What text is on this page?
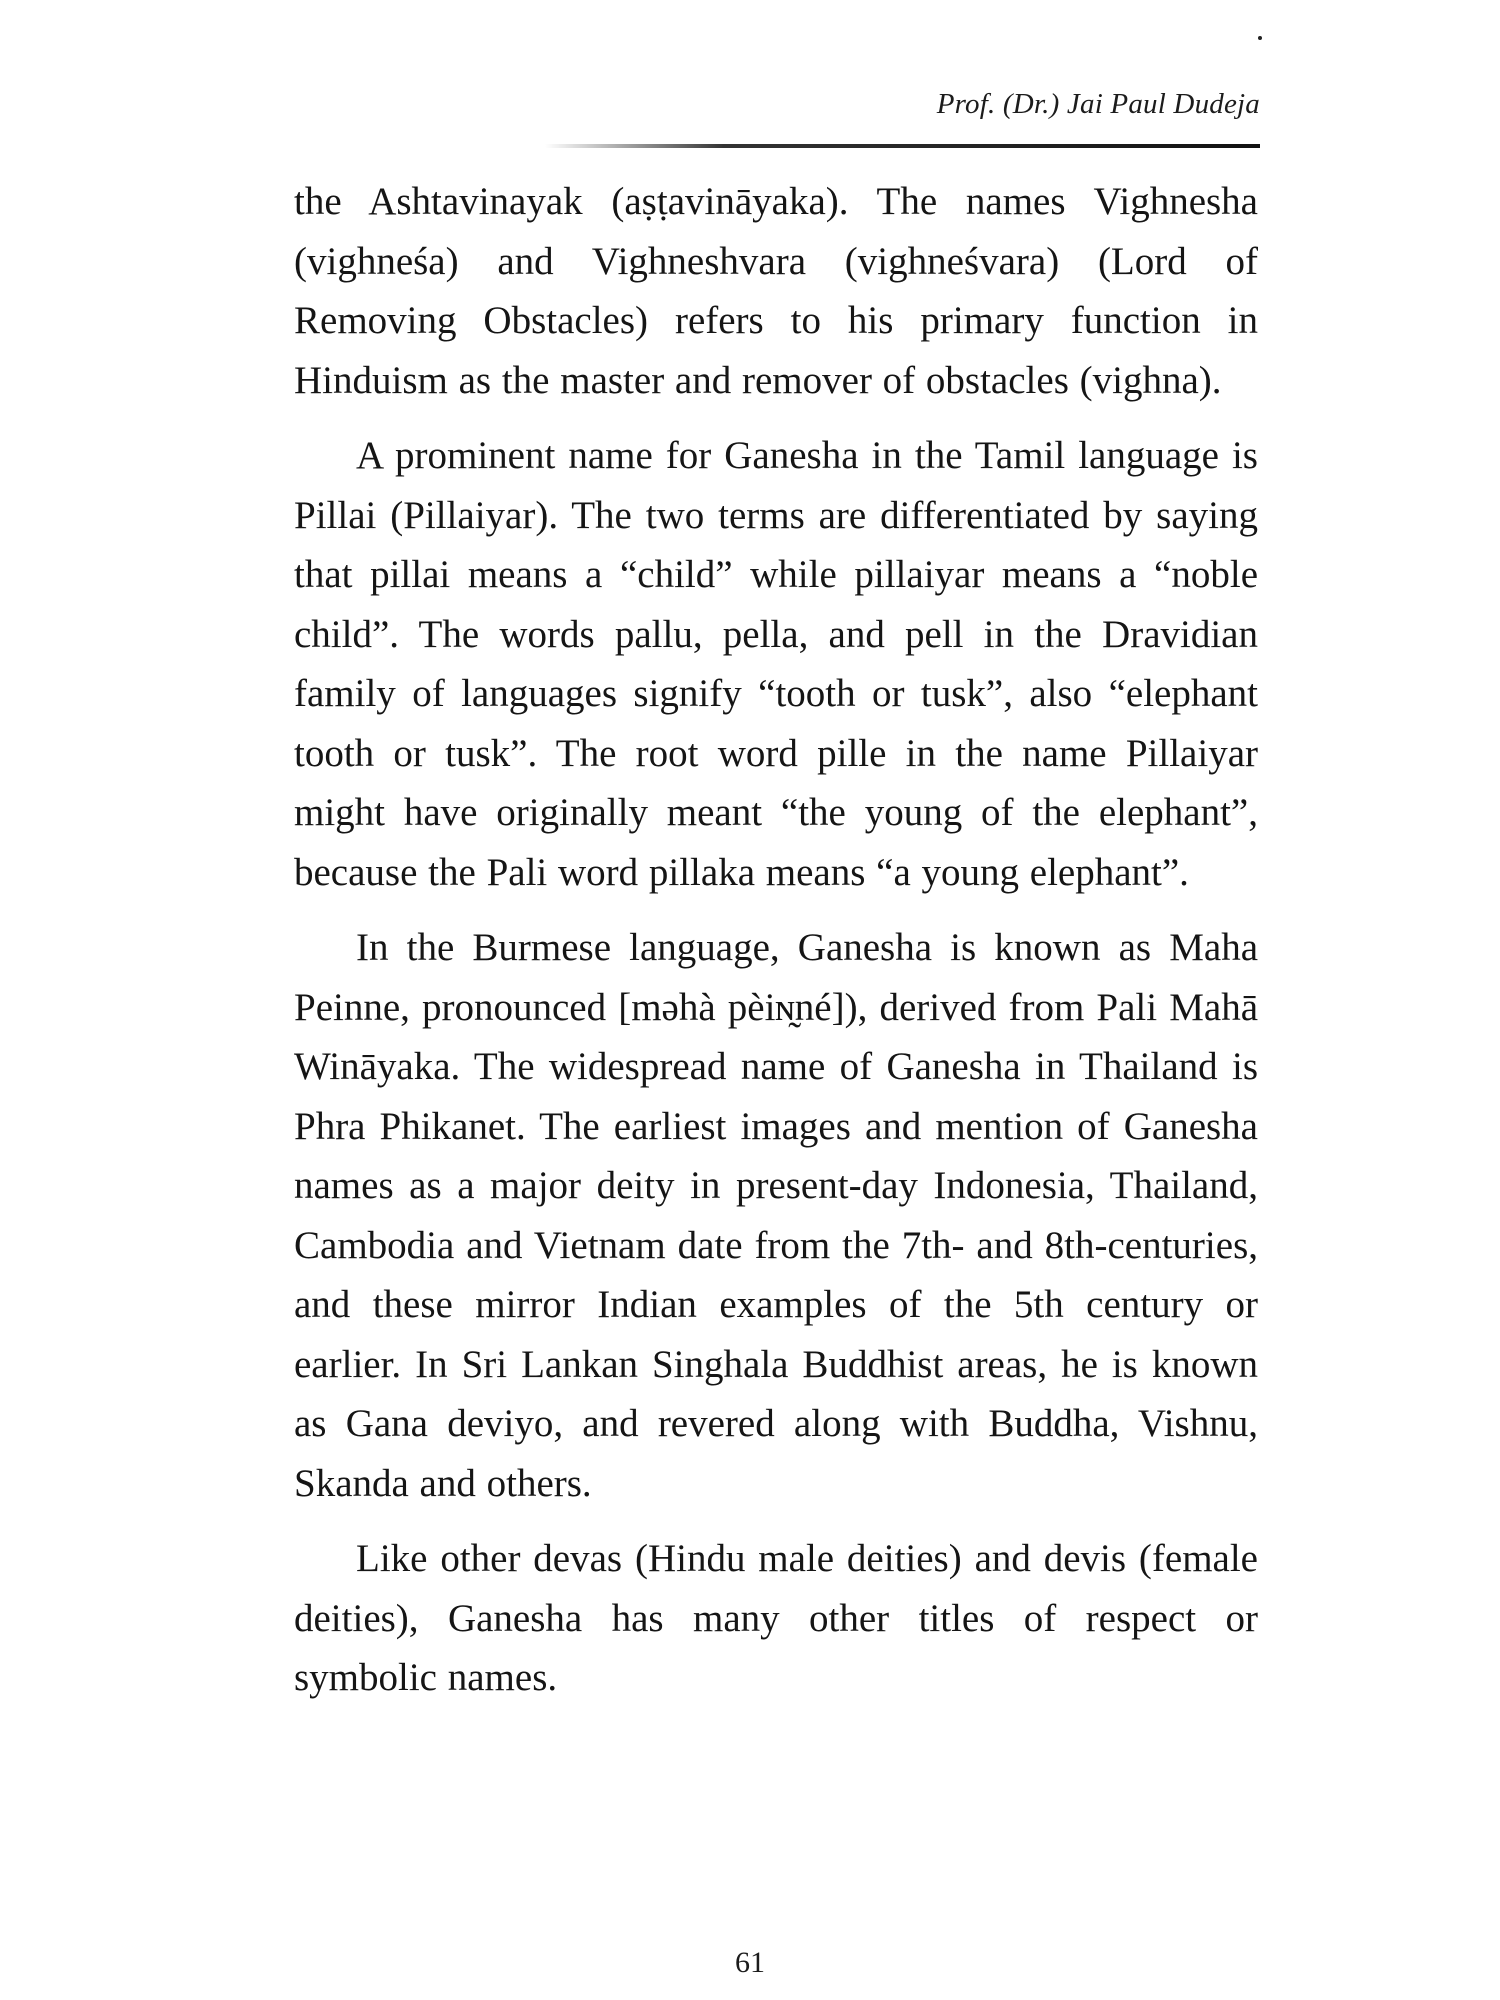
Prof. (Dr.) Jai Paul Dudeja

the Ashtavinayak (aṣṭavināyaka). The names Vighnesha (vighneśa) and Vighneshvara (vighneśvara) (Lord of Removing Obstacles) refers to his primary function in Hinduism as the master and remover of obstacles (vighna).

A prominent name for Ganesha in the Tamil language is Pillai (Pillaiyar). The two terms are differentiated by saying that pillai means a “child” while pillaiyar means a “noble child”. The words pallu, pella, and pell in the Dravidian family of languages signify “tooth or tusk”, also “elephant tooth or tusk”. The root word pille in the name Pillaiyar might have originally meant “the young of the elephant”, because the Pali word pillaka means “a young elephant”.

In the Burmese language, Ganesha is known as Maha Peinne, pronounced [məhà pèiɴ̰né]), derived from Pali Mahā Wināyaka. The widespread name of Ganesha in Thailand is Phra Phikanet. The earliest images and mention of Ganesha names as a major deity in present-day Indonesia, Thailand, Cambodia and Vietnam date from the 7th- and 8th-centuries, and these mirror Indian examples of the 5th century or earlier. In Sri Lankan Singhala Buddhist areas, he is known as Gana deviyo, and revered along with Buddha, Vishnu, Skanda and others.

Like other devas (Hindu male deities) and devis (female deities), Ganesha has many other titles of respect or symbolic names.

61
